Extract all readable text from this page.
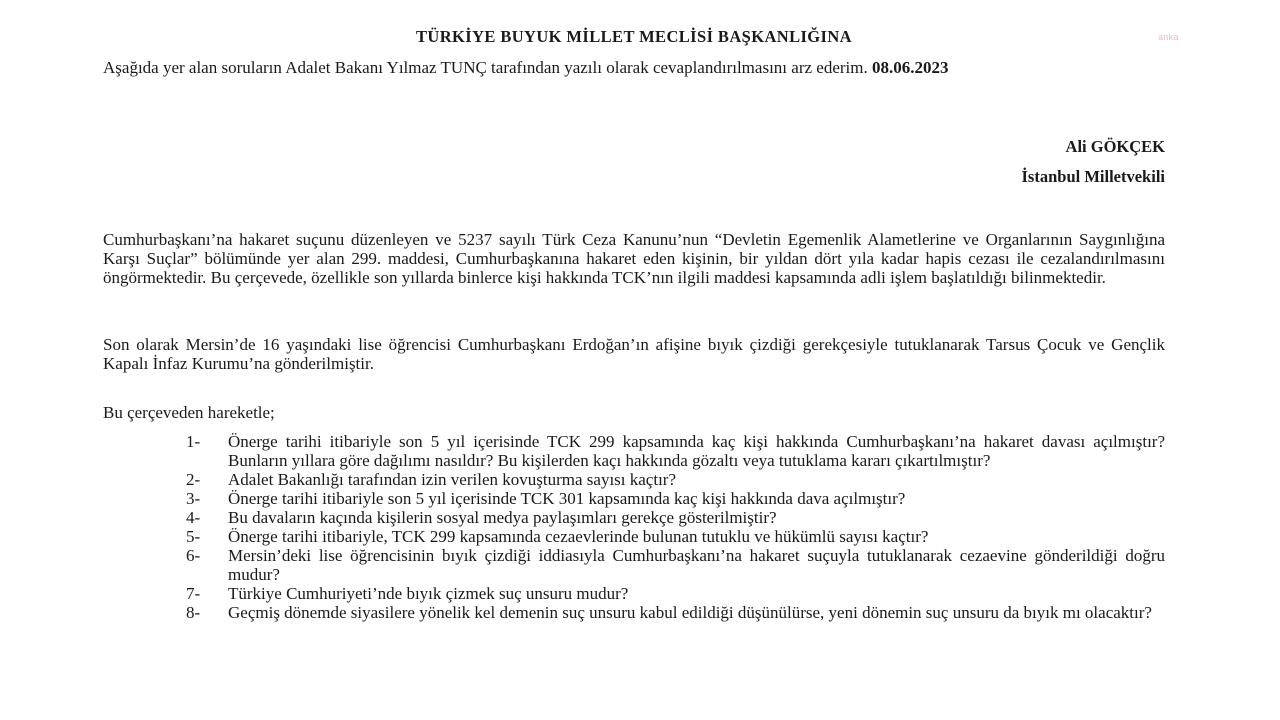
anka
TÜRKİYE BUYUK MİLLET MECLİSİ BAŞKANLIĞINA
Aşağıda yer alan soruların Adalet Bakanı Yılmaz TUNÇ tarafından yazılı olarak cevaplandırılmasını arz ederim. 08.06.2023
Ali GÖKÇEK
İstanbul Milletvekili
Cumhurbaşkanı’na hakaret suçunu düzenleyen ve 5237 sayılı Türk Ceza Kanunu’nun “Devletin Egemenlik Alametlerine ve Organlarının Saygınlığına Karşı Suçlar” bölümünde yer alan 299. maddesi, Cumhurbaşkanına hakaret eden kişinin, bir yıldan dört yıla kadar hapis cezası ile cezalandırılmasını öngörmektedir. Bu çerçevede, özellikle son yıllarda binlerce kişi hakkında TCK’nın ilgili maddesi kapsamında adli işlem başlatıldığı bilinmektedir.
Son olarak Mersin’de 16 yaşındaki lise öğrencisi Cumhurbaşkanı Erdoğan’ın afişine bıyık çizdiği gerekçesiyle tutuklanarak Tarsus Çocuk ve Gençlik Kapalı İnfaz Kurumu’na gönderilmiştir.
Bu çerçeveden hareketle;
1-	Önerge tarihi itibariyle son 5 yıl içerisinde TCK 299 kapsamında kaç kişi hakkında Cumhurbaşkanı’na hakaret davası açılmıştır? Bunların yıllara göre dağılımı nasıldır? Bu kişilerden kaçı hakkında gözaltı veya tutuklama kararı çıkartılmıştır?
2-	Adalet Bakanlığı tarafından izin verilen kovuşturma sayısı kaçtır?
3-	Önerge tarihi itibariyle son 5 yıl içerisinde TCK 301 kapsamında kaç kişi hakkında dava açılmıştır?
4-	Bu davaların kaçında kişilerin sosyal medya paylaşımları gerekçe gösterilmiştir?
5-	Önerge tarihi itibariyle, TCK 299 kapsamında cezaevlerinde bulunan tutuklu ve hükümlü sayısı kaçtır?
6-	Mersin’deki lise öğrencisinin bıyık çizdiği iddiasıyla Cumhurbaşkanı’na hakaret suçuyla tutuklanarak cezaevine gönderildiği doğru mudur?
7-	Türkiye Cumhuriyeti’nde bıyık çizmek suç unsuru mudur?
8-	Geçmiş dönemde siyasilere yönelik kel demenin suç unsuru kabul edildiği düşünülürse, yeni dönemin suç unsuru da bıyık mı olacaktır?
